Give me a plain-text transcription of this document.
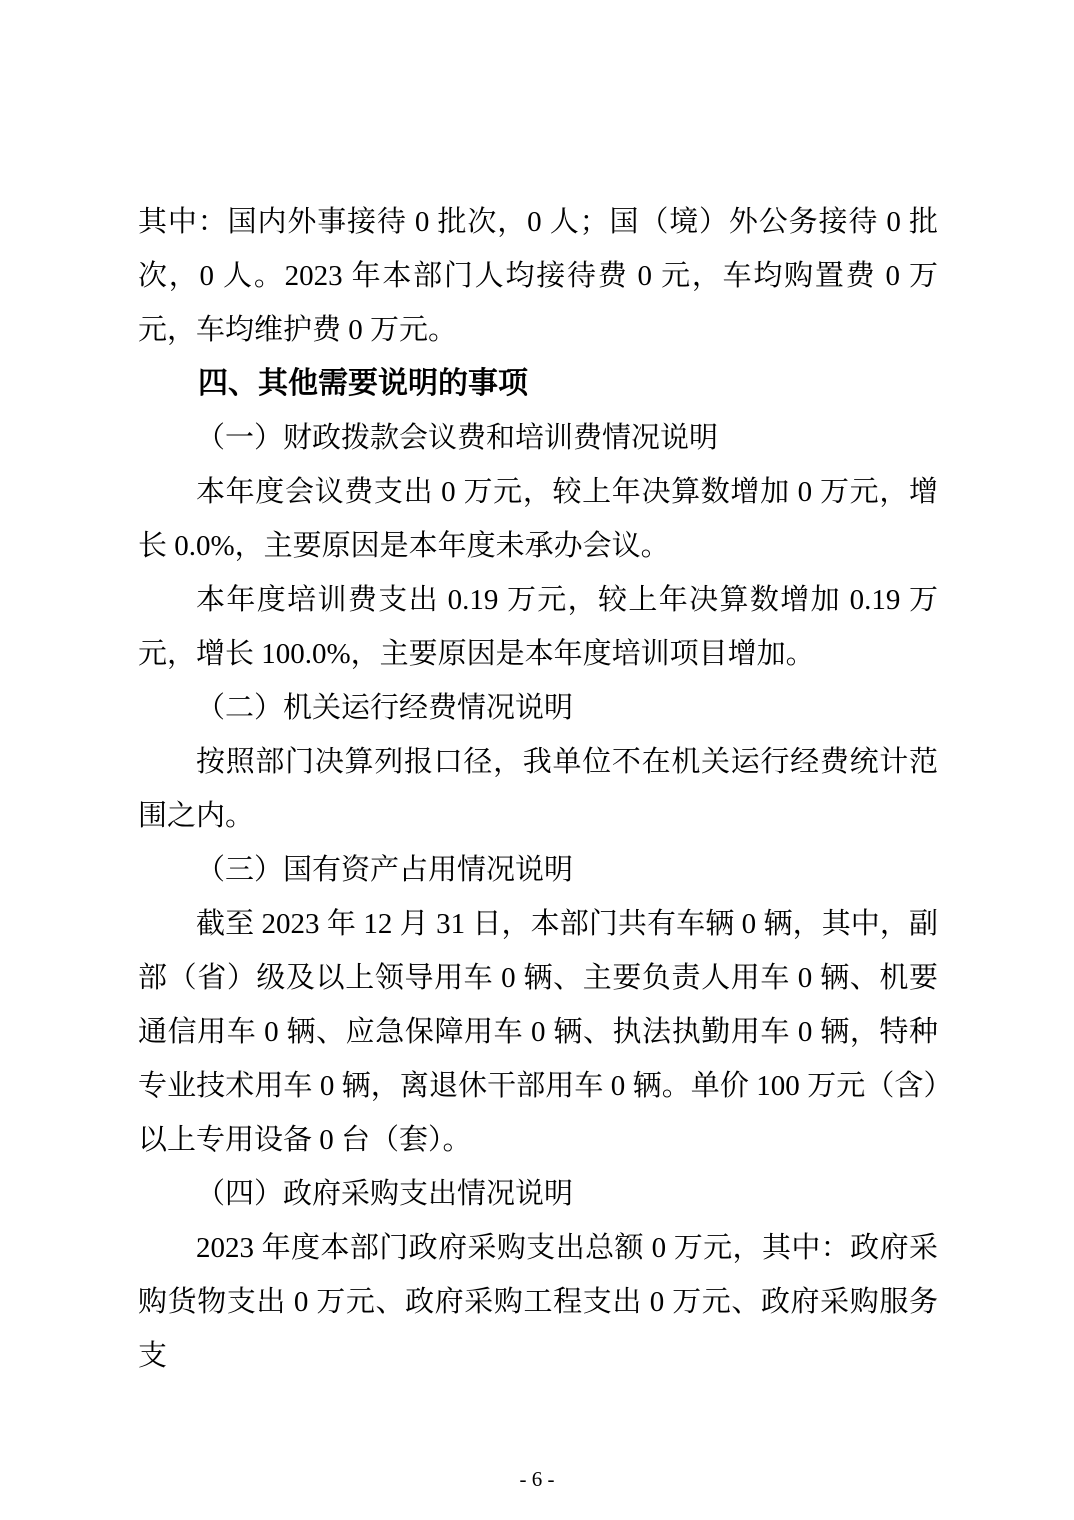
其中：国内外事接待 0 批次，0 人；国（境）外公务接待 0 批次，0 人。2023 年本部门人均接待费 0 元，车均购置费 0 万元，车均维护费 0 万元。

四、其他需要说明的事项

（一）财政拨款会议费和培训费情况说明

本年度会议费支出 0 万元，较上年决算数增加 0 万元，增长 0.0%，主要原因是本年度未承办会议。

本年度培训费支出 0.19 万元，较上年决算数增加 0.19 万元，增长 100.0%，主要原因是本年度培训项目增加。

（二）机关运行经费情况说明

按照部门决算列报口径，我单位不在机关运行经费统计范围之内。

（三）国有资产占用情况说明

截至 2023 年 12 月 31 日，本部门共有车辆 0 辆，其中，副部（省）级及以上领导用车 0 辆、主要负责人用车 0 辆、机要通信用车 0 辆、应急保障用车 0 辆、执法执勤用车 0 辆，特种专业技术用车 0 辆，离退休干部用车 0 辆。单价 100 万元（含）以上专用设备 0 台（套）。

（四）政府采购支出情况说明

2023 年度本部门政府采购支出总额 0 万元，其中：政府采购货物支出 0 万元、政府采购工程支出 0 万元、政府采购服务支

- 6 -
